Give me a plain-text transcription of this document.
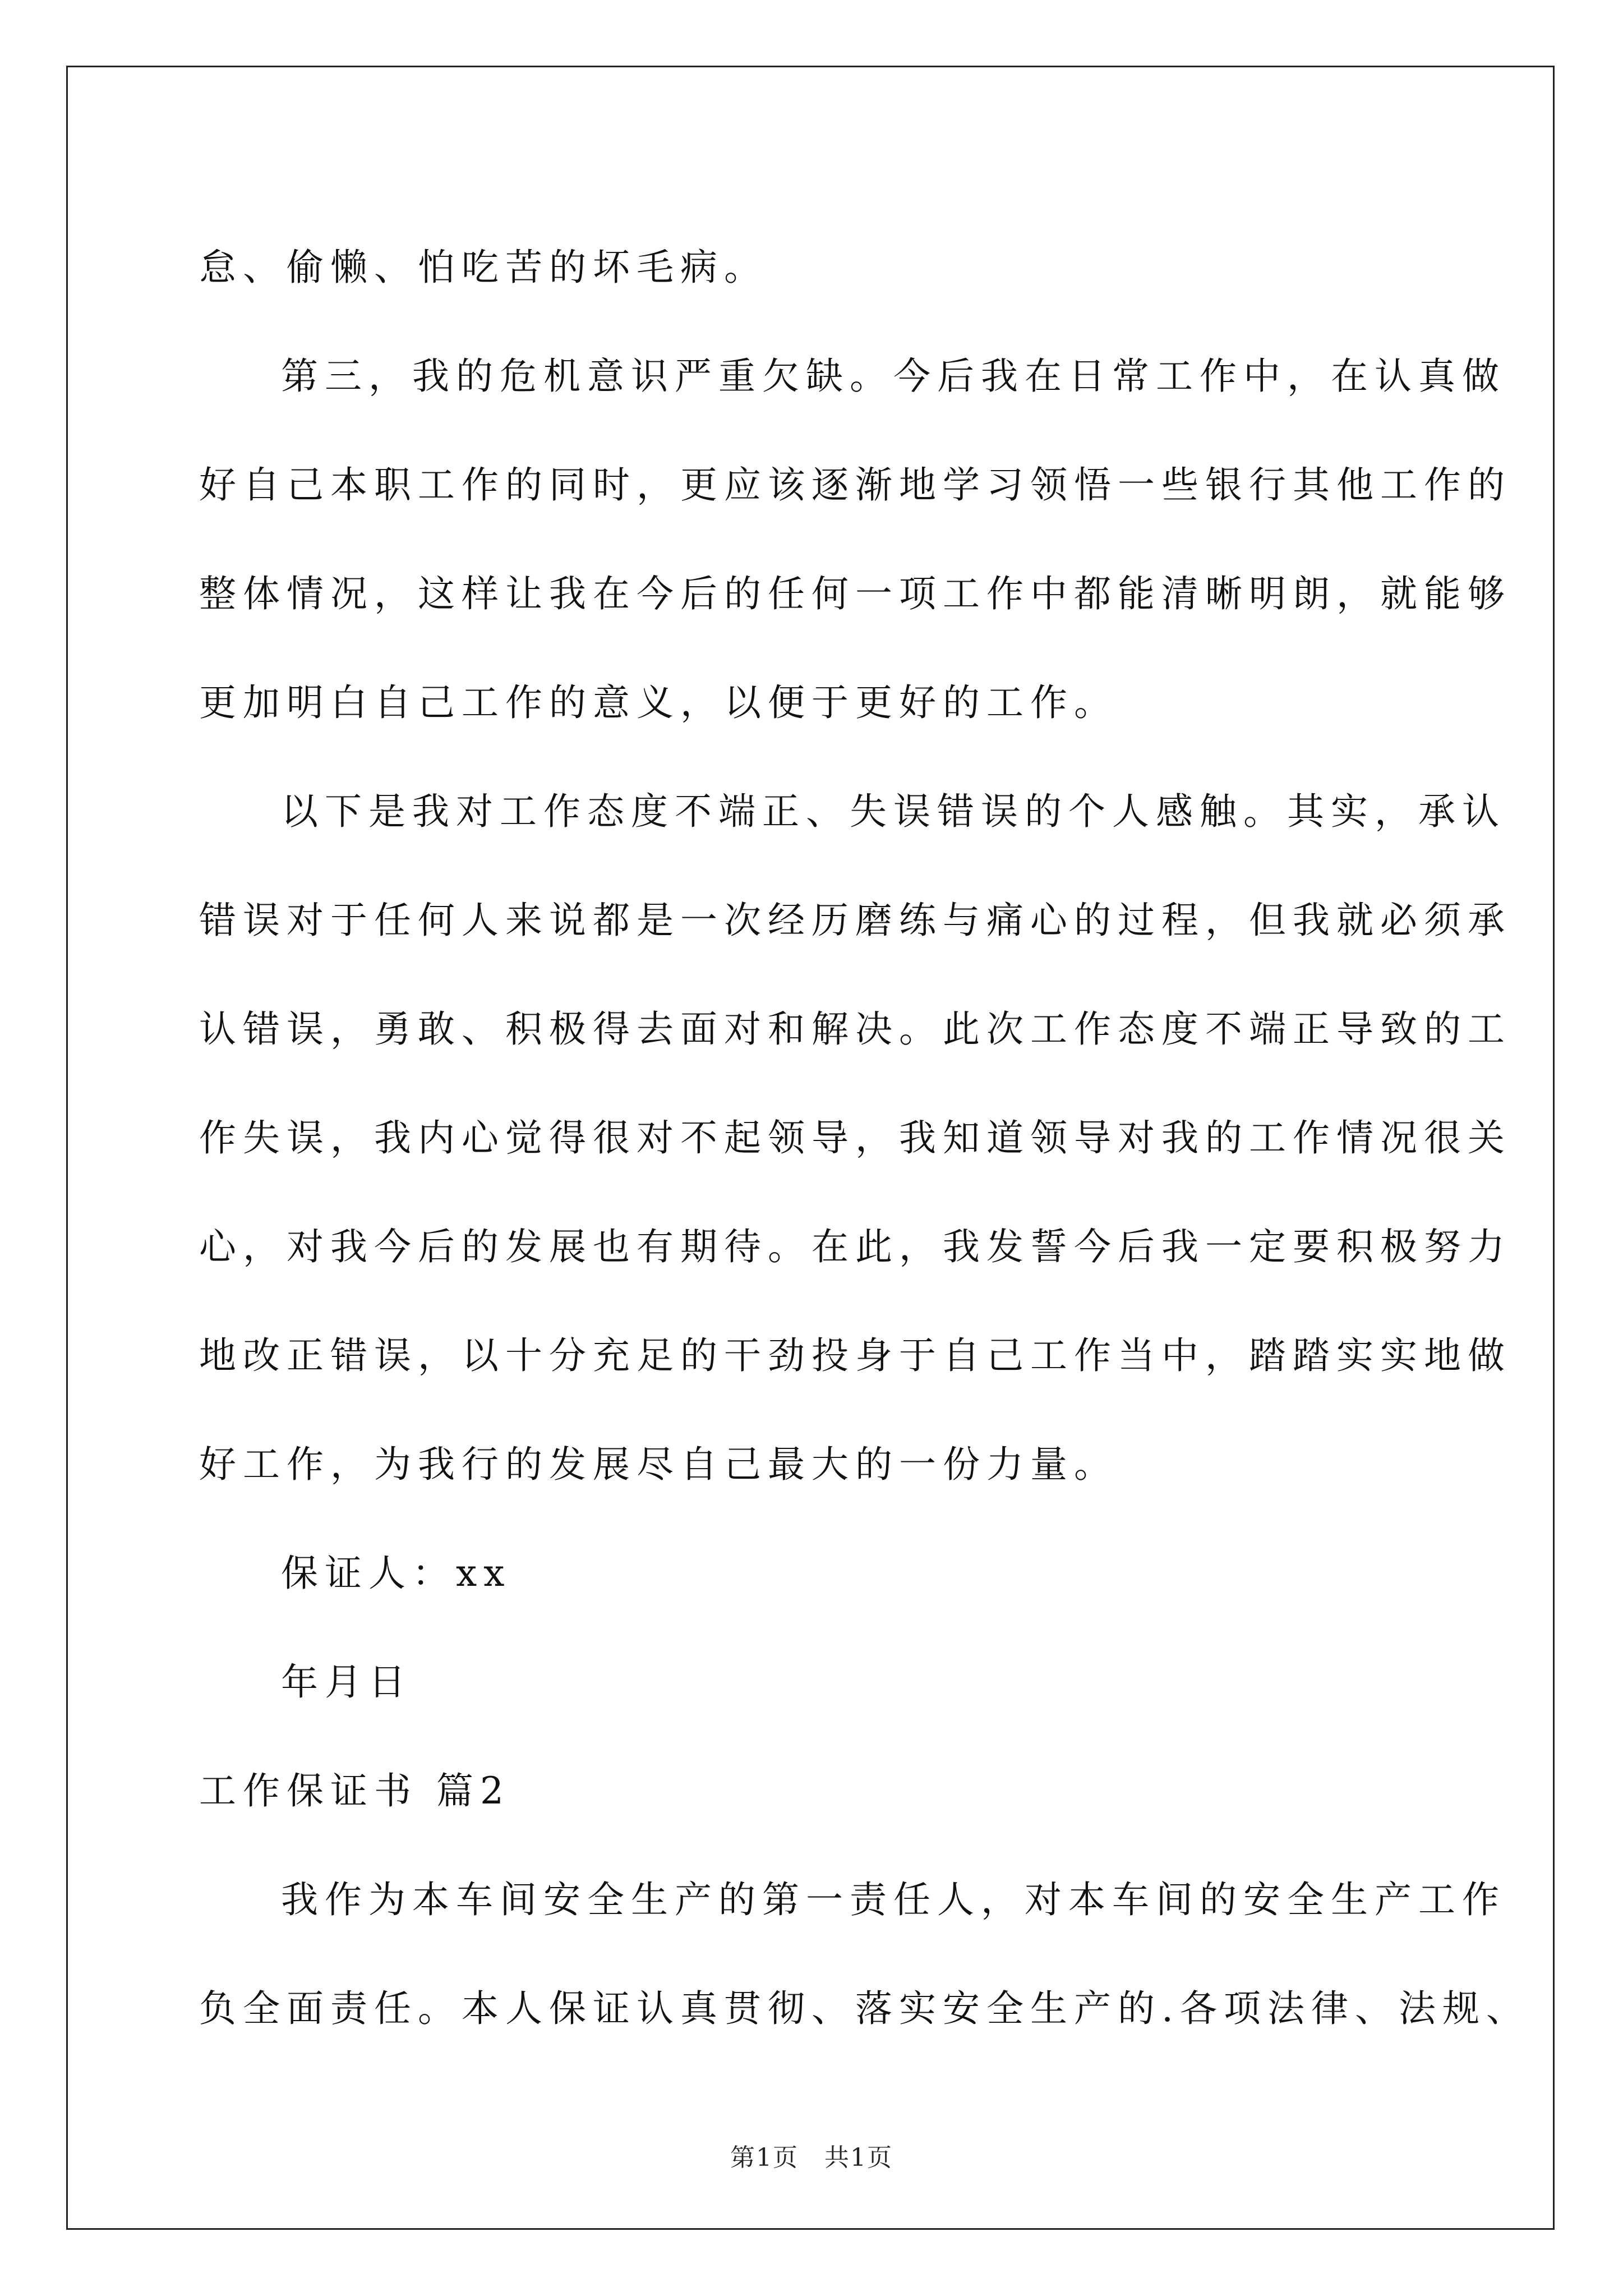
怠、偷懒、怕吃苦的坏毛病。
第三，我的危机意识严重欠缺。今后我在日常工作中，在认真做
好自己本职工作的同时，更应该逐渐地学习领悟一些银行其他工作的
整体情况，这样让我在今后的任何一项工作中都能清晰明朗，就能够
更加明白自己工作的意义，以便于更好的工作。
以下是我对工作态度不端正、失误错误的个人感触。其实，承认
错误对于任何人来说都是一次经历磨练与痛心的过程，但我就必须承
认错误，勇敢、积极得去面对和解决。此次工作态度不端正导致的工
作失误，我内心觉得很对不起领导，我知道领导对我的工作情况很关
心，对我今后的发展也有期待。在此，我发誓今后我一定要积极努力
地改正错误，以十分充足的干劲投身于自己工作当中，踏踏实实地做
好工作，为我行的发展尽自己最大的一份力量。
保证人：xx
年月日
工作保证书 篇2
我作为本车间安全生产的第一责任人，对本车间的安全生产工作
负全面责任。本人保证认真贯彻、落实安全生产的.各项法律、法规、
第1页　共1页
